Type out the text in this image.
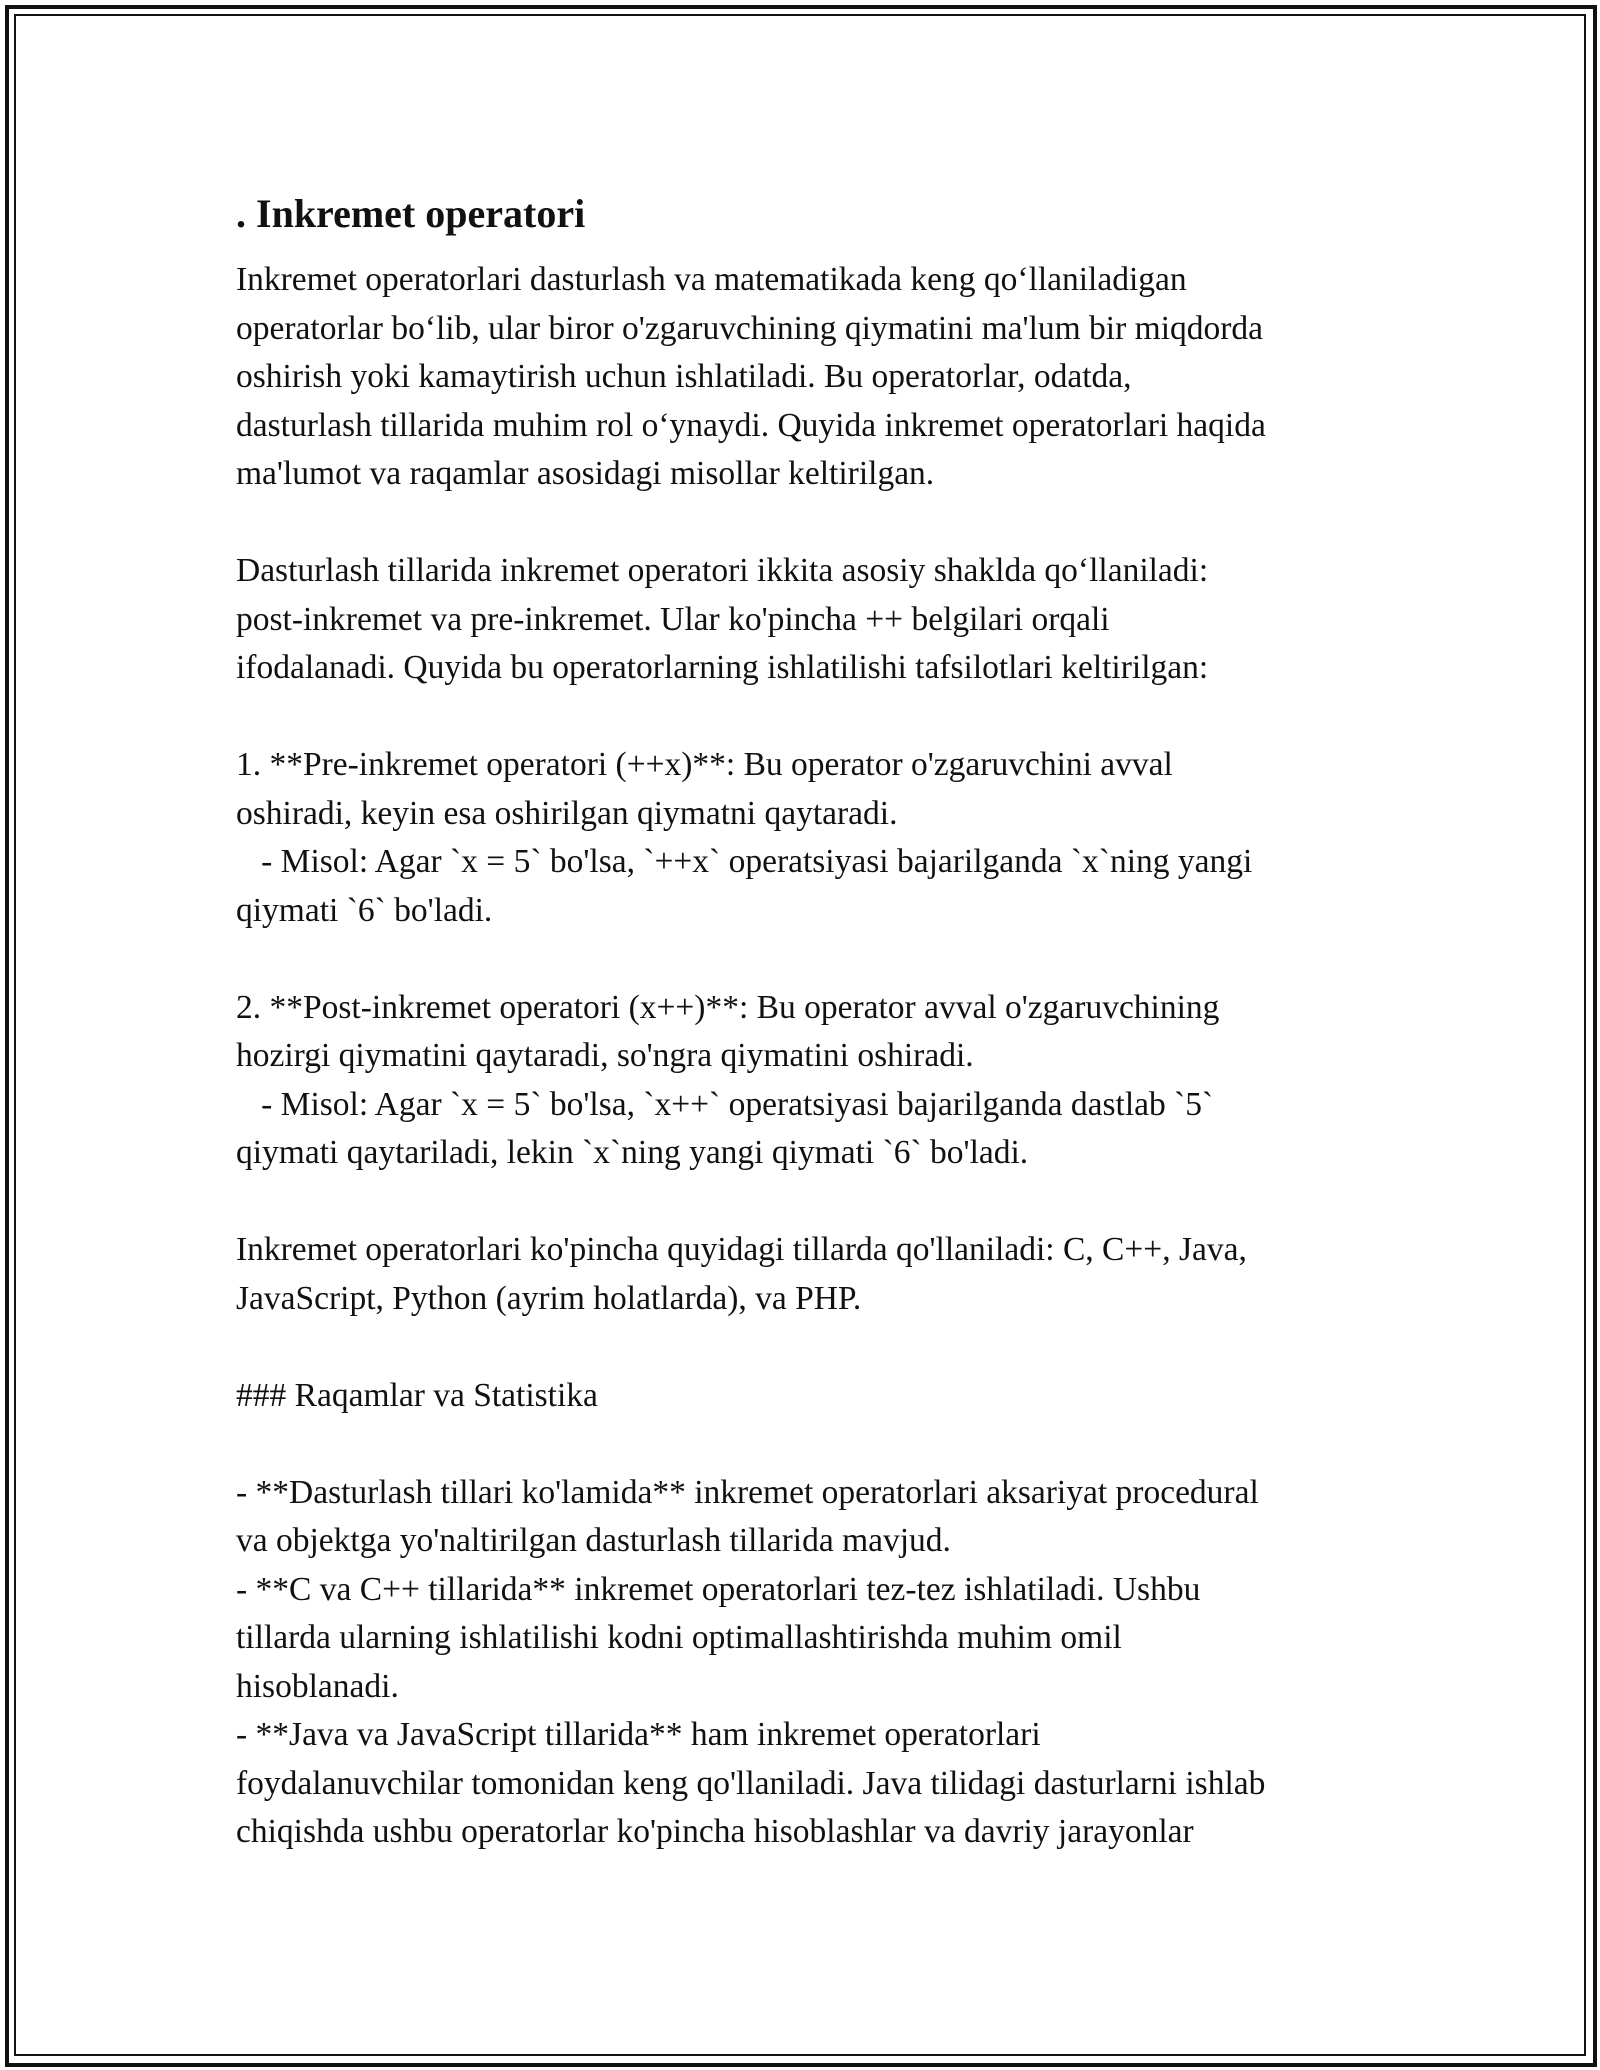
. Inkremet operatori
Inkremet operatorlari dasturlash va matematikada keng qo‘llaniladigan
operatorlar bo‘lib, ular biror o'zgaruvchining qiymatini ma'lum bir miqdorda
oshirish yoki kamaytirish uchun ishlatiladi. Bu operatorlar, odatda,
dasturlash tillarida muhim rol o‘ynaydi. Quyida inkremet operatorlari haqida
ma'lumot va raqamlar asosidagi misollar keltirilgan.
Dasturlash tillarida inkremet operatori ikkita asosiy shaklda qo‘llaniladi:
post-inkremet va pre-inkremet. Ular ko'pincha ++ belgilari orqali
ifodalanadi. Quyida bu operatorlarning ishlatilishi tafsilotlari keltirilgan:
1. **Pre-inkremet operatori (++x)**: Bu operator o'zgaruvchini avval
oshiradi, keyin esa oshirilgan qiymatni qaytaradi.
- Misol: Agar `x = 5` bo'lsa, `++x` operatsiyasi bajarilganda `x`ning yangi
qiymati `6` bo'ladi.
2. **Post-inkremet operatori (x++)**: Bu operator avval o'zgaruvchining
hozirgi qiymatini qaytaradi, so'ngra qiymatini oshiradi.
- Misol: Agar `x = 5` bo'lsa, `x++` operatsiyasi bajarilganda dastlab `5`
qiymati qaytariladi, lekin `x`ning yangi qiymati `6` bo'ladi.
Inkremet operatorlari ko'pincha quyidagi tillarda qo'llaniladi: C, C++, Java,
JavaScript, Python (ayrim holatlarda), va PHP.
### Raqamlar va Statistika
- **Dasturlash tillari ko'lamida** inkremet operatorlari aksariyat procedural
va objektga yo'naltirilgan dasturlash tillarida mavjud.
- **C va C++ tillarida** inkremet operatorlari tez-tez ishlatiladi. Ushbu
tillarda ularning ishlatilishi kodni optimallashtirishda muhim omil
hisoblanadi.
- **Java va JavaScript tillarida** ham inkremet operatorlari
foydalanuvchilar tomonidan keng qo'llaniladi. Java tilidagi dasturlarni ishlab
chiqishda ushbu operatorlar ko'pincha hisoblashlar va davriy jarayonlar
